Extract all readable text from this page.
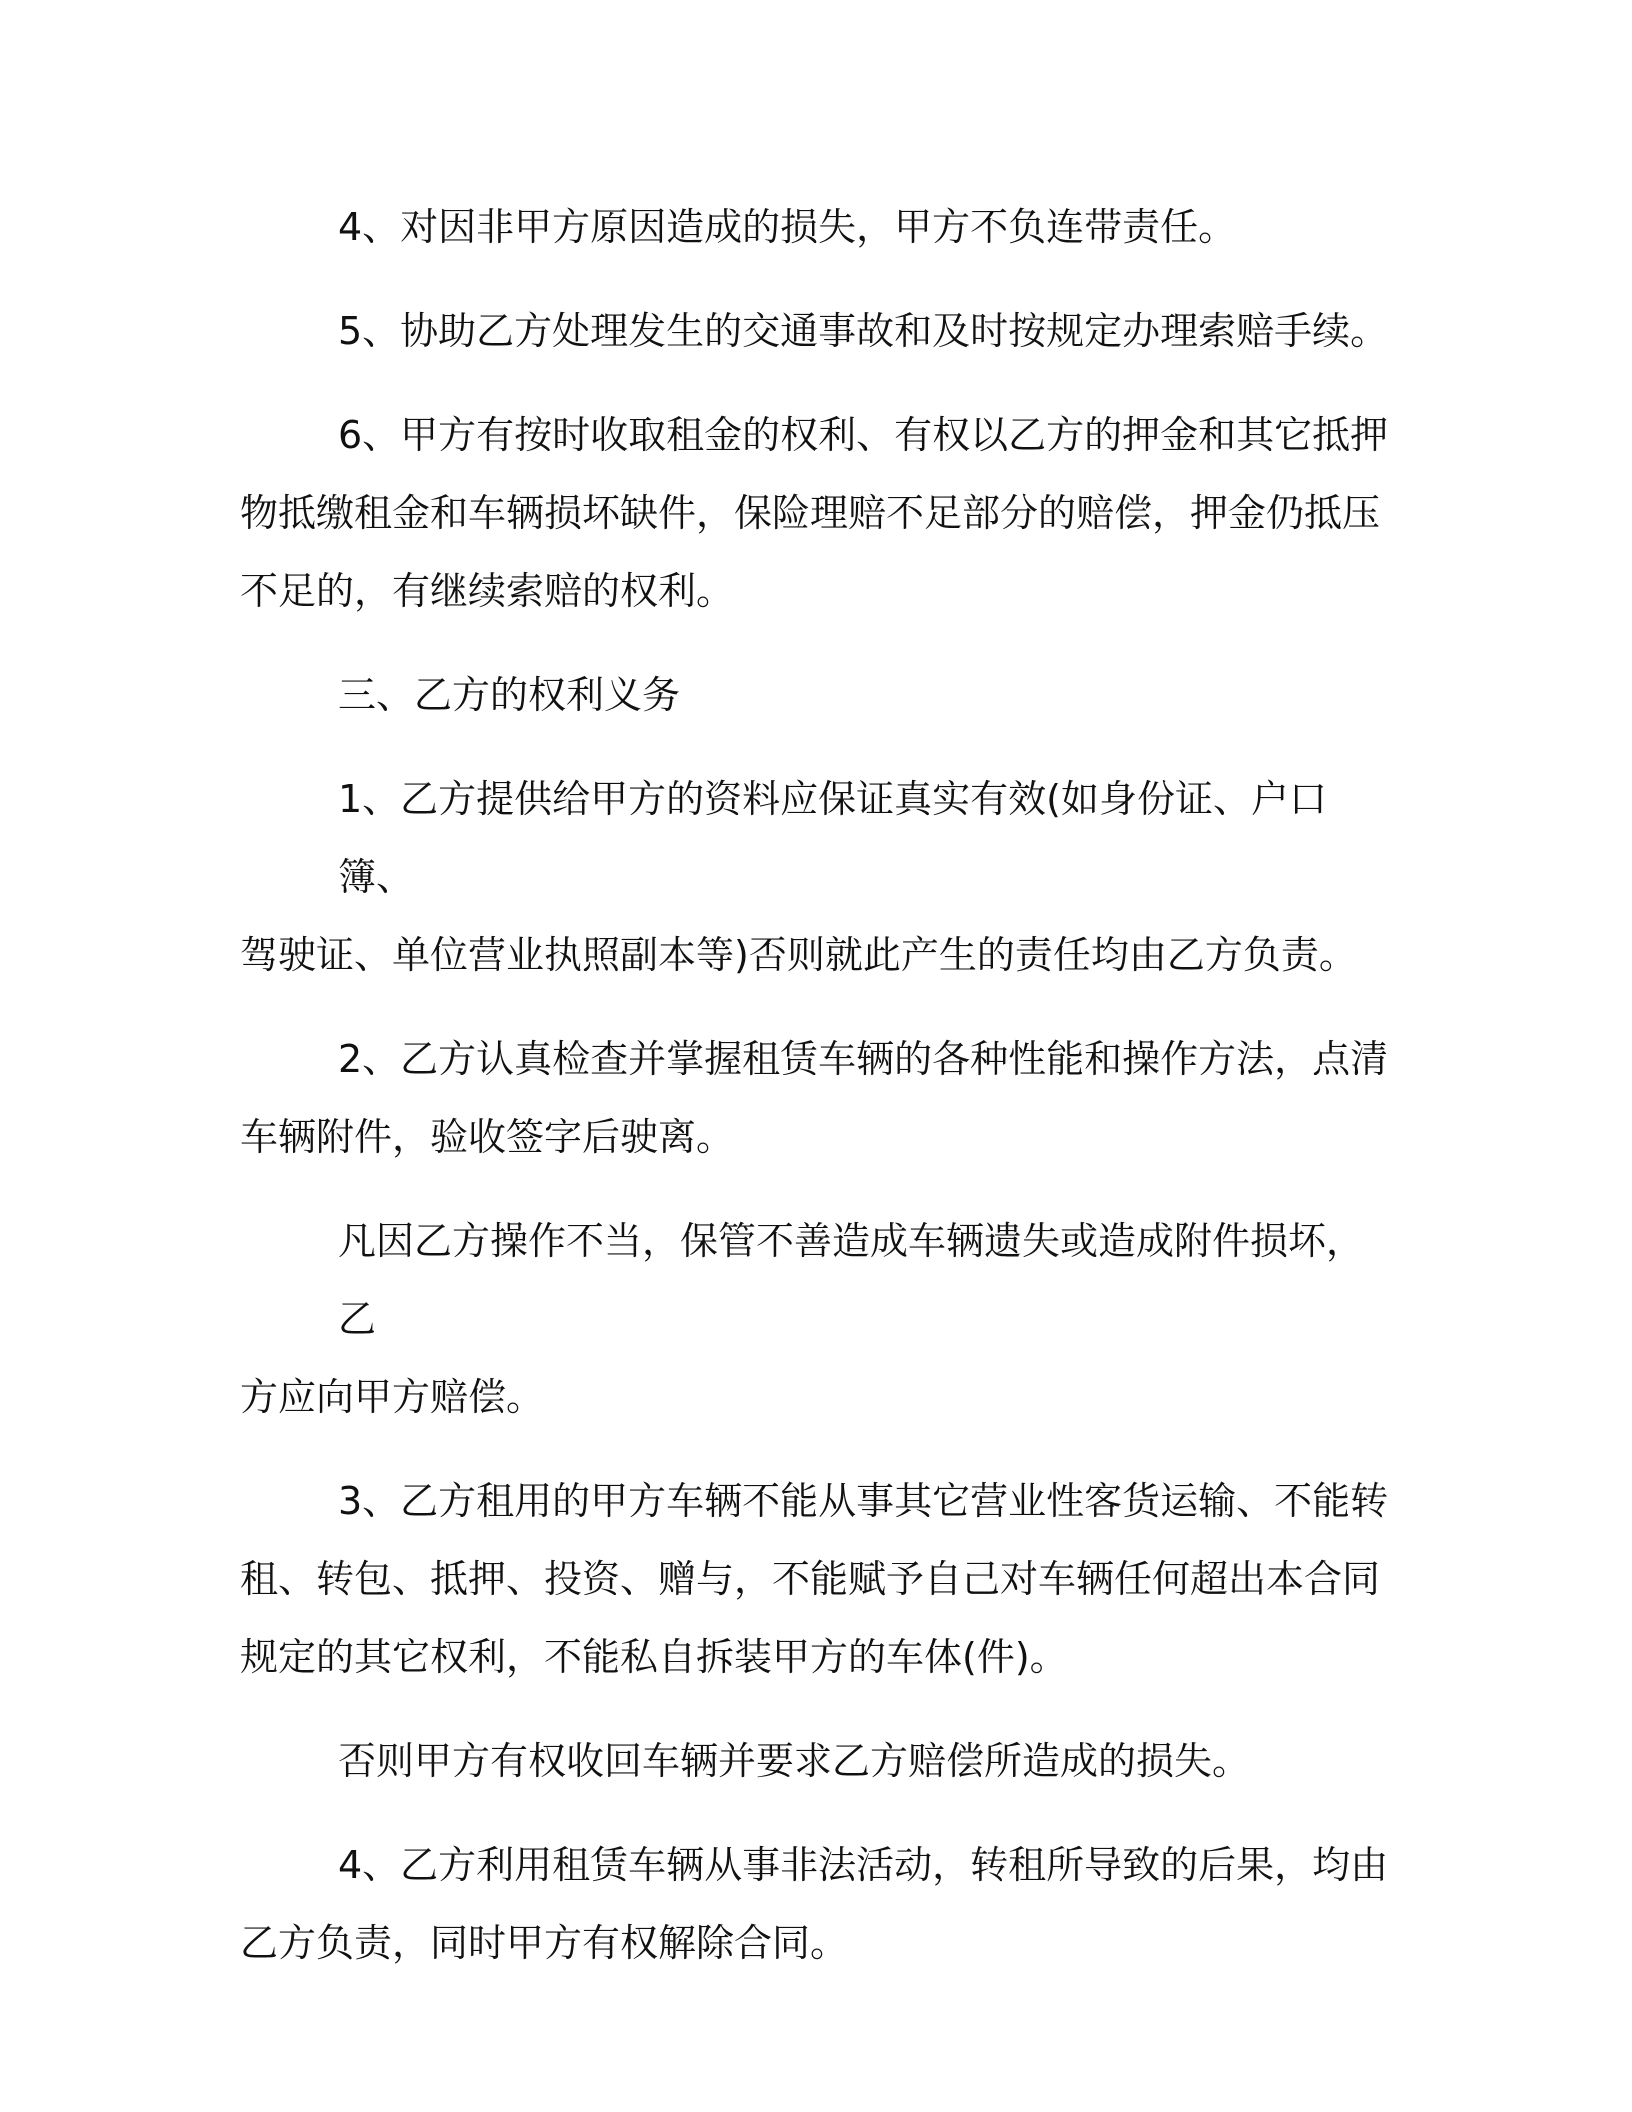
4、对因非甲方原因造成的损失，甲方不负连带责任。
5、协助乙方处理发生的交通事故和及时按规定办理索赔手续。
6、甲方有按时收取租金的权利、有权以乙方的押金和其它抵押
物抵缴租金和车辆损坏缺件，保险理赔不足部分的赔偿，押金仍抵压
不足的，有继续索赔的权利。
三、乙方的权利义务
1、乙方提供给甲方的资料应保证真实有效(如身份证、户口簿、
驾驶证、单位营业执照副本等)否则就此产生的责任均由乙方负责。
2、乙方认真检查并掌握租赁车辆的各种性能和操作方法，点清
车辆附件，验收签字后驶离。
凡因乙方操作不当，保管不善造成车辆遗失或造成附件损坏，乙
方应向甲方赔偿。
3、乙方租用的甲方车辆不能从事其它营业性客货运输、不能转
租、转包、抵押、投资、赠与，不能赋予自己对车辆任何超出本合同
规定的其它权利，不能私自拆装甲方的车体(件)。
否则甲方有权收回车辆并要求乙方赔偿所造成的损失。
4、乙方利用租赁车辆从事非法活动，转租所导致的后果，均由
乙方负责，同时甲方有权解除合同。
